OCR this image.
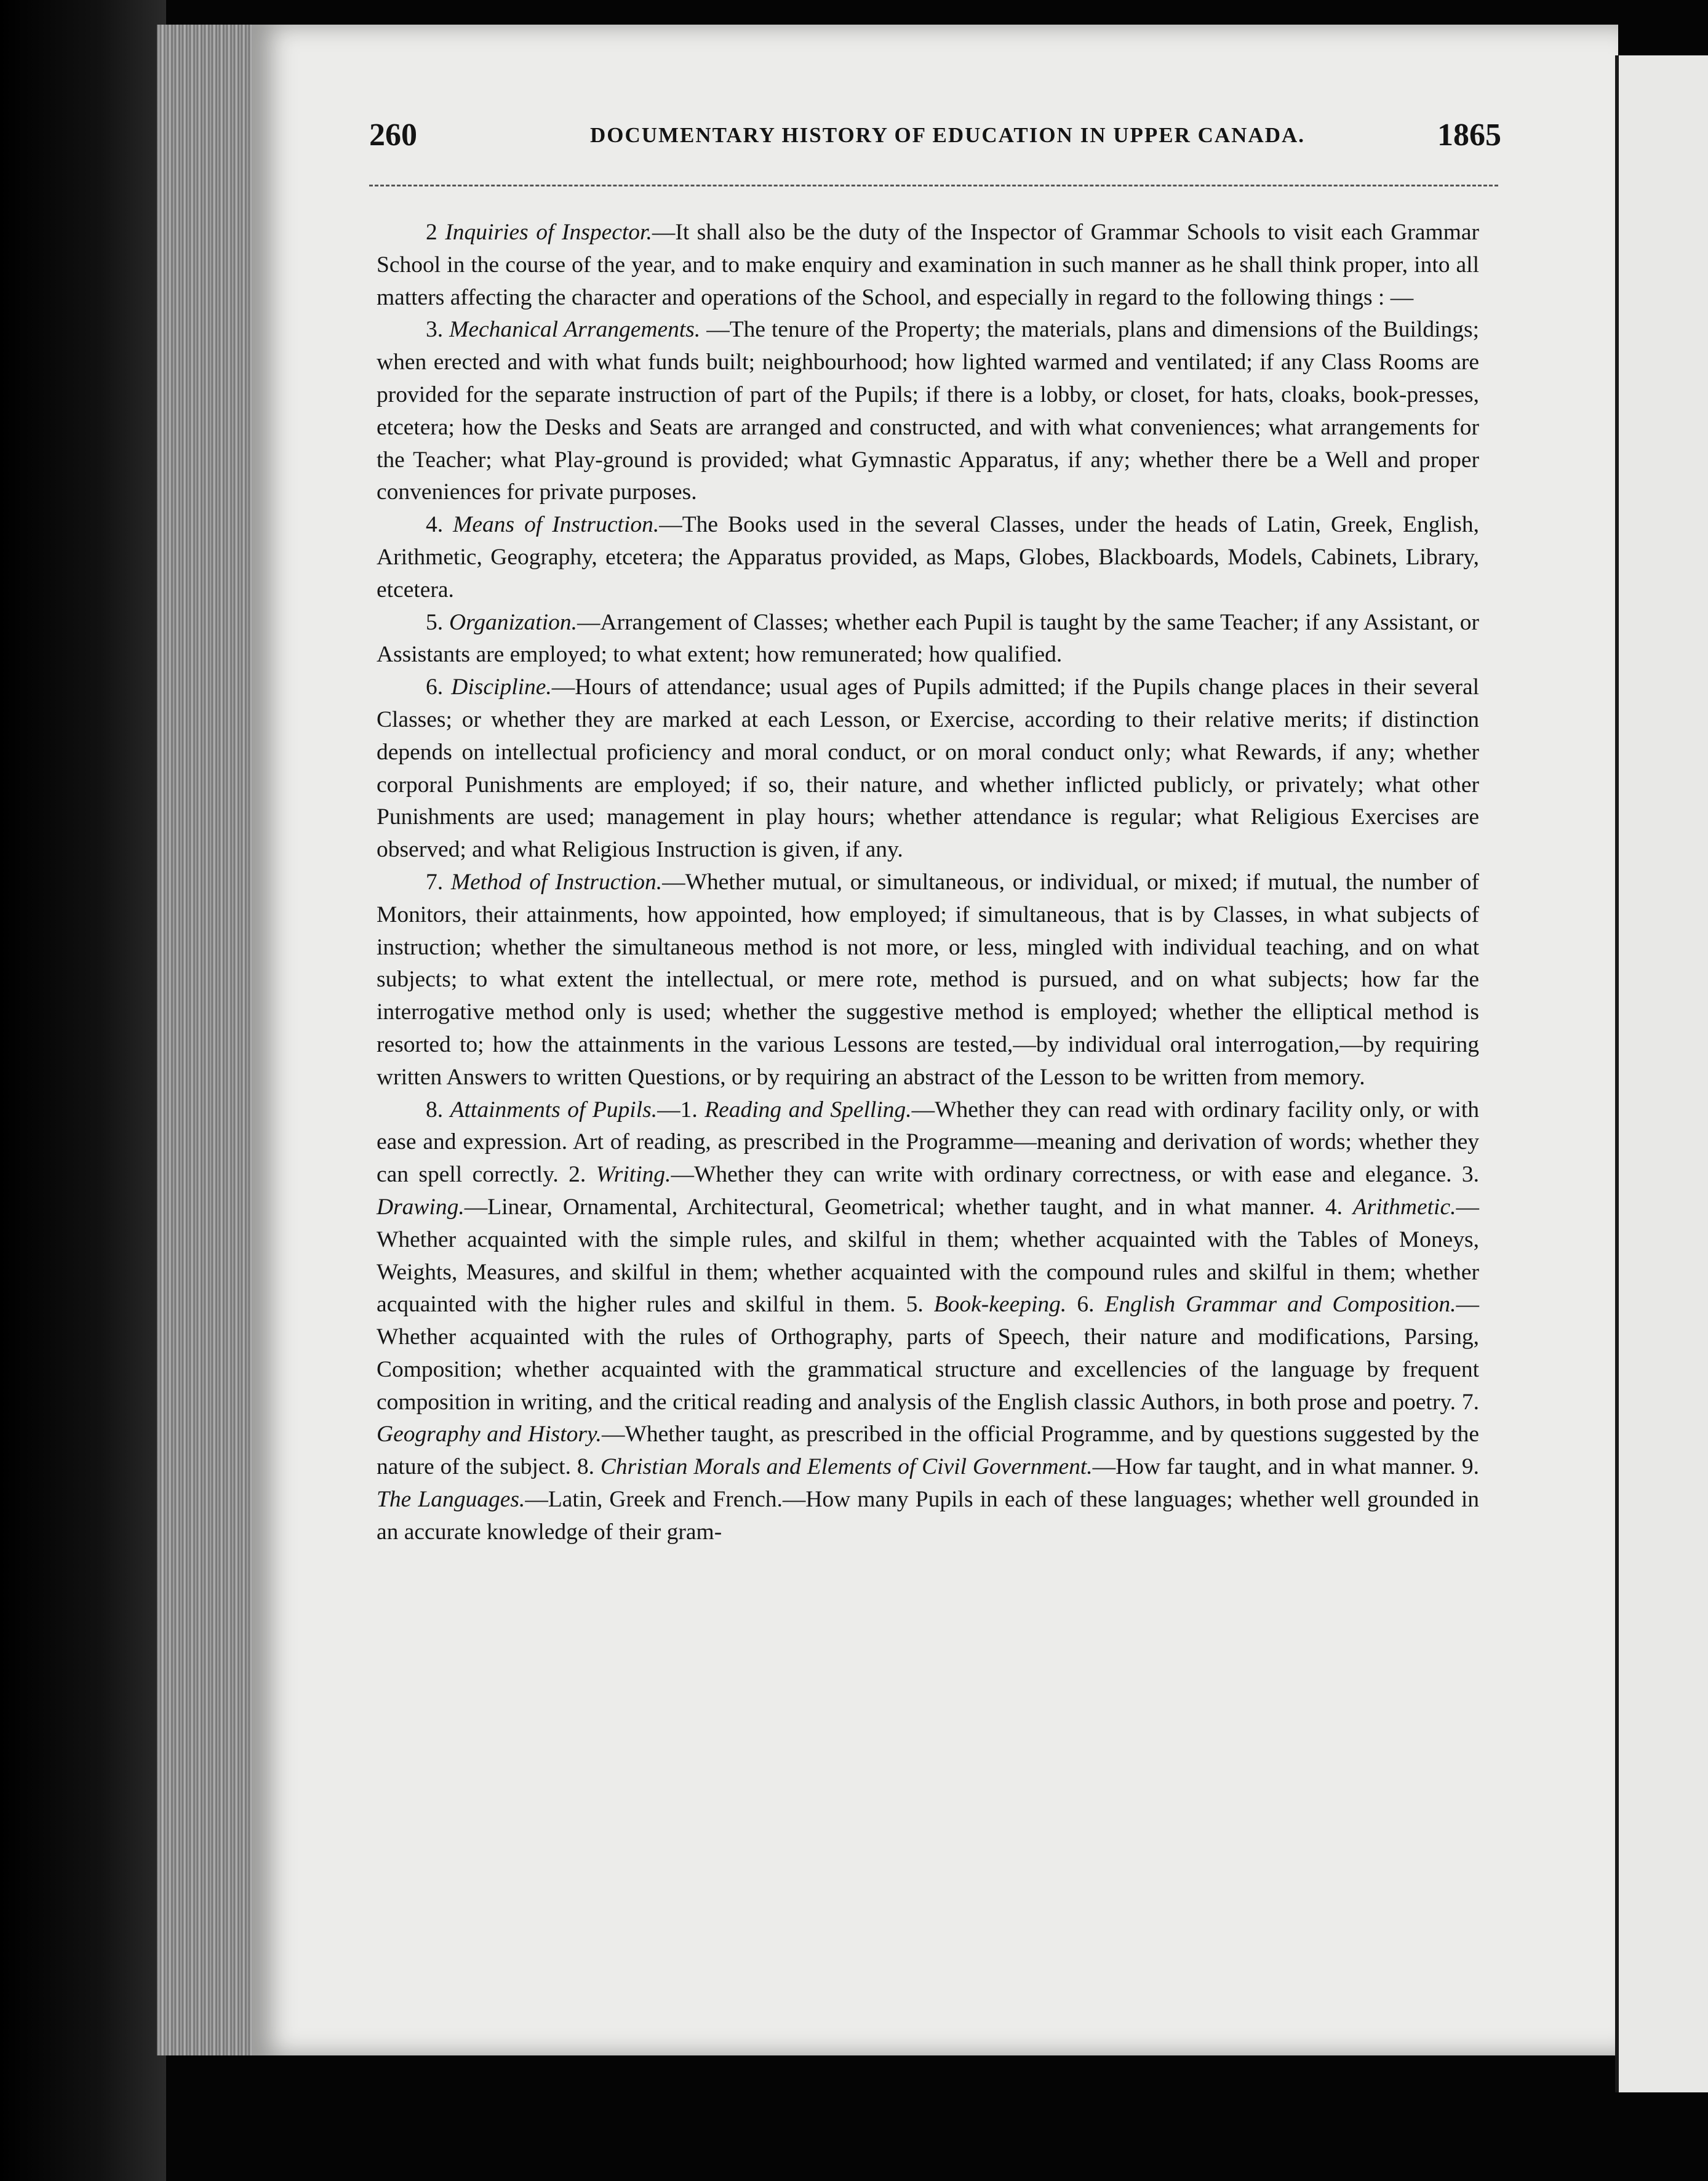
260	DOCUMENTARY HISTORY OF EDUCATION IN UPPER CANADA.	1865

2 Inquiries of Inspector.—It shall also be the duty of the Inspector of Grammar Schools to visit each Grammar School in the course of the year, and to make enquiry and examination in such manner as he shall think proper, into all matters affecting the character and operations of the School, and especially in regard to the following things : —

3. Mechanical Arrangements. —The tenure of the Property; the materials, plans and dimensions of the Buildings; when erected and with what funds built; neighbourhood; how lighted warmed and ventilated; if any Class Rooms are provided for the separate instruction of part of the Pupils; if there is a lobby, or closet, for hats, cloaks, book-presses, etcetera; how the Desks and Seats are arranged and constructed, and with what conveniences; what arrangements for the Teacher; what Play-ground is provided; what Gymnastic Apparatus, if any; whether there be a Well and proper conveniences for private purposes.

4. Means of Instruction.—The Books used in the several Classes, under the heads of Latin, Greek, English, Arithmetic, Geography, etcetera; the Apparatus provided, as Maps, Globes, Blackboards, Models, Cabinets, Library, etcetera.

5. Organization.—Arrangement of Classes; whether each Pupil is taught by the same Teacher; if any Assistant, or Assistants are employed; to what extent; how remunerated; how qualified.

6. Discipline.—Hours of attendance; usual ages of Pupils admitted; if the Pupils change places in their several Classes; or whether they are marked at each Lesson, or Exercise, according to their relative merits; if distinction depends on intellectual proficiency and moral conduct, or on moral conduct only; what Rewards, if any; whether corporal Punishments are employed; if so, their nature, and whether inflicted publicly, or privately; what other Punishments are used; management in play hours; whether attendance is regular; what Religious Exercises are observed; and what Religious Instruction is given, if any.

7. Method of Instruction.—Whether mutual, or simultaneous, or individual, or mixed; if mutual, the number of Monitors, their attainments, how appointed, how employed; if simultaneous, that is by Classes, in what subjects of instruction; whether the simultaneous method is not more, or less, mingled with individual teaching, and on what subjects; to what extent the intellectual, or mere rote, method is pursued, and on what subjects; how far the interrogative method only is used; whether the suggestive method is employed; whether the elliptical method is resorted to; how the attainments in the various Lessons are tested,—by individual oral interrogation,—by requiring written Answers to written Questions, or by requiring an abstract of the Lesson to be written from memory.

8. Attainments of Pupils.—1. Reading and Spelling.—Whether they can read with ordinary facility only, or with ease and expression. Art of reading, as prescribed in the Programme—meaning and derivation of words; whether they can spell correctly. 2. Writing.—Whether they can write with ordinary correctness, or with ease and elegance. 3. Drawing.—Linear, Ornamental, Architectural, Geometrical; whether taught, and in what manner. 4. Arithmetic.—Whether acquainted with the simple rules, and skilful in them; whether acquainted with the Tables of Moneys, Weights, Measures, and skilful in them; whether acquainted with the compound rules and skilful in them; whether acquainted with the higher rules and skilful in them. 5. Book-keeping. 6. English Grammar and Composition.—Whether acquainted with the rules of Orthography, parts of Speech, their nature and modifications, Parsing, Composition; whether acquainted with the grammatical structure and excellencies of the language by frequent composition in writing, and the critical reading and analysis of the English classic Authors, in both prose and poetry. 7. Geography and History.—Whether taught, as prescribed in the official Programme, and by questions suggested by the nature of the subject. 8. Christian Morals and Elements of Civil Government.—How far taught, and in what manner. 9. The Languages.—Latin, Greek and French.—How many Pupils in each of these languages; whether well grounded in an accurate knowledge of their gram-
